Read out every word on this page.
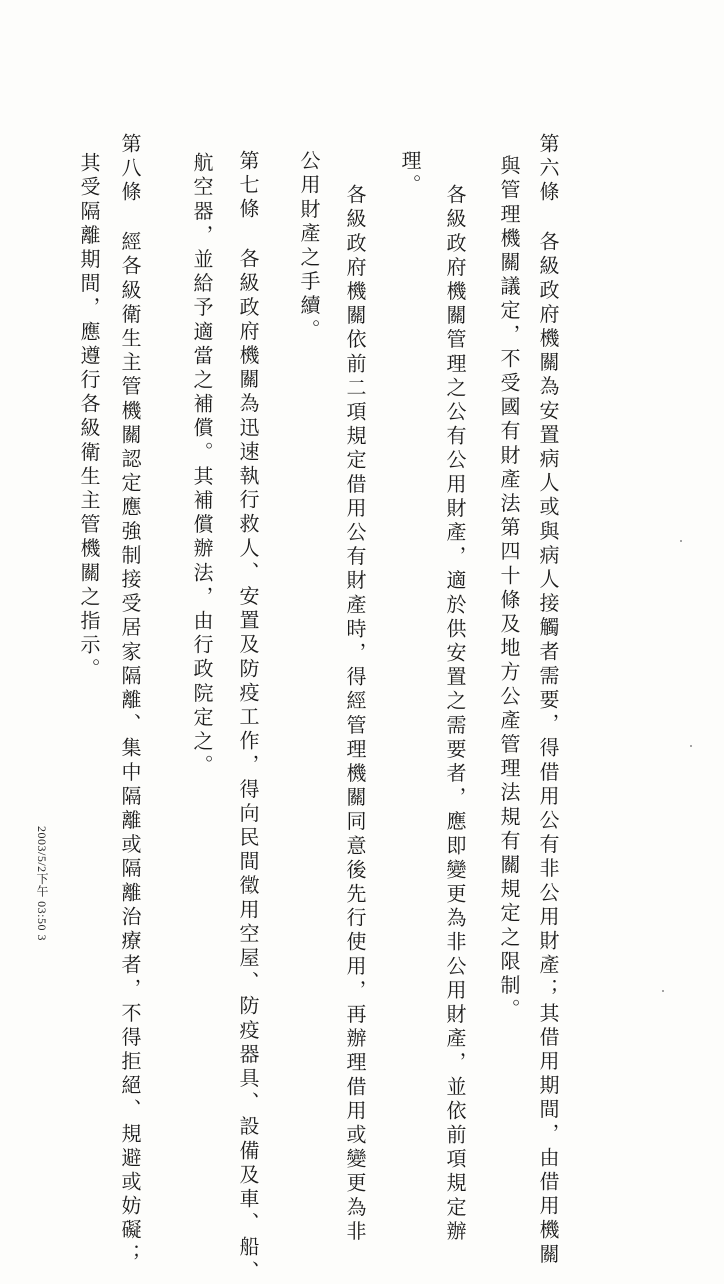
第六條各級政府機關為安置病人或與病人接觸者需要，得借用公有非公用財產；其借用期間，由借用機關
與管理機關議定，不受國有財產法第四十條及地方公產管理法規有關規定之限制。
各級政府機關管理之公有公用財產，適於供安置之需要者，應即變更為非公用財產，並依前項規定辦
理。
各級政府機關依前二項規定借用公有財產時，得經管理機關同意後先行使用，再辦理借用或變更為非
公用財產之手續。
第七條各級政府機關為迅速執行救人、安置及防疫工作，得向民間徵用空屋、防疫器具、設備及車、船、
航空器，並給予適當之補償。其補償辦法，由行政院定之。
第八條經各級衛生主管機關認定應強制接受居家隔離、集中隔離或隔離治療者，不得拒絕、規避或妨礙；
其受隔離期間，應遵行各級衛生主管機關之指示。
2003/5/2下午 03:50 3
